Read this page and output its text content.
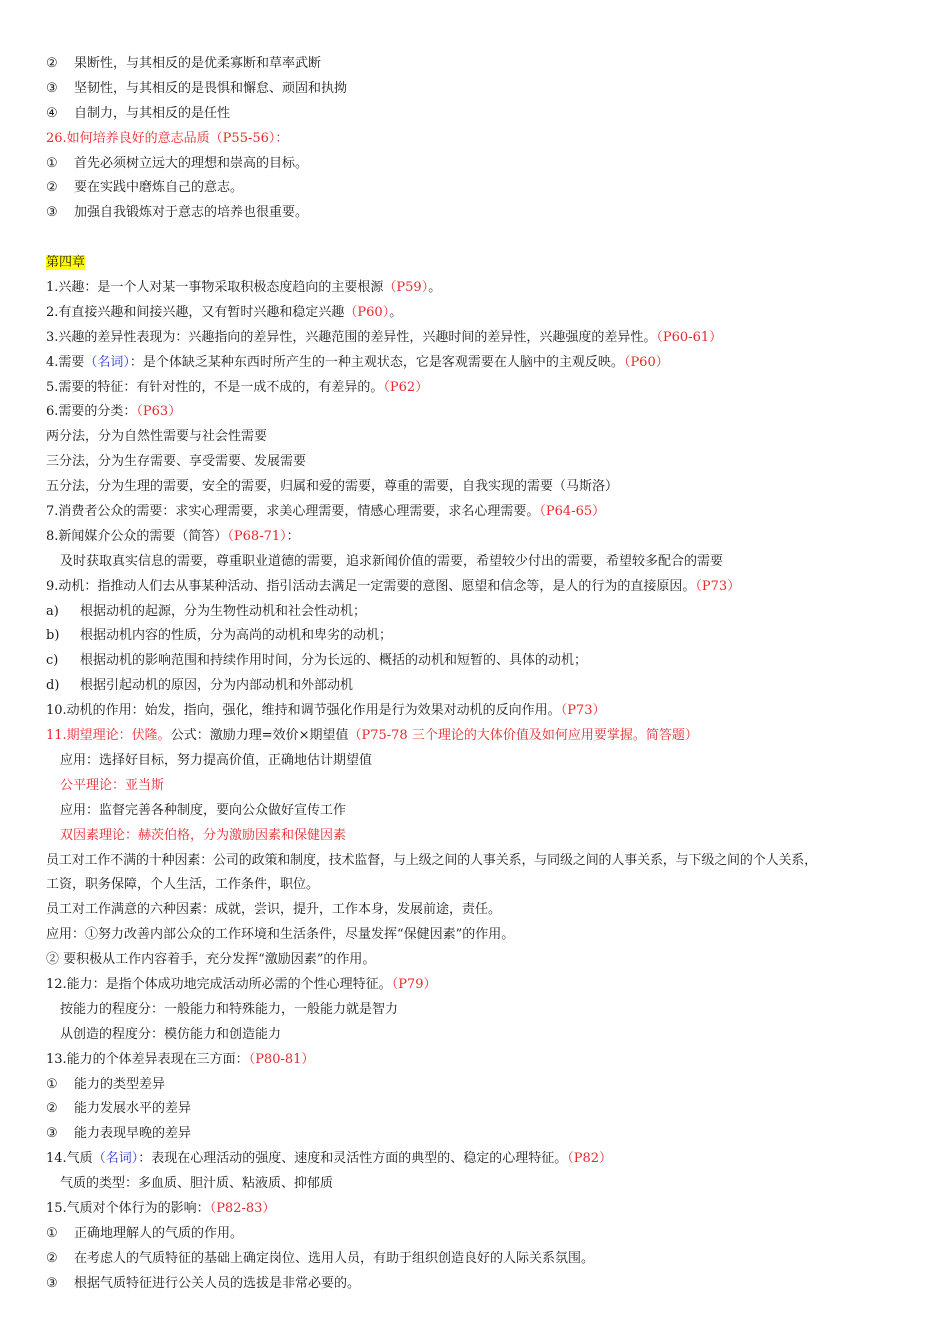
② 果断性，与其相反的是优柔寡断和草率武断
③ 坚韧性，与其相反的是畏惧和懈怠、顽固和执拗
④ 自制力，与其相反的是任性
26.如何培养良好的意志品质（P55-56）：
① 首先必须树立远大的理想和崇高的目标。
② 要在实践中磨炼自己的意志。
③ 加强自我锻炼对于意志的培养也很重要。
第四章
1.兴趣：是一个人对某一事物采取积极态度趋向的主要根源（P59）。
2.有直接兴趣和间接兴趣，又有暂时兴趣和稳定兴趣（P60）。
3.兴趣的差异性表现为：兴趣指向的差异性，兴趣范围的差异性，兴趣时间的差异性，兴趣强度的差异性。（P60-61）
4.需要（名词）：是个体缺乏某种东西时所产生的一种主观状态，它是客观需要在人脑中的主观反映。（P60）
5.需要的特征：有针对性的，不是一成不成的，有差异的。（P62）
6.需要的分类：（P63）
两分法，分为自然性需要与社会性需要
三分法，分为生存需要、享受需要、发展需要
五分法，分为生理的需要，安全的需要，归属和爱的需要，尊重的需要，自我实现的需要（马斯洛）
7.消费者公众的需要：求实心理需要，求美心理需要，情感心理需要，求名心理需要。（P64-65）
8.新闻媒介公众的需要（简答）（P68-71）：
及时获取真实信息的需要，尊重职业道德的需要，追求新闻价值的需要，希望较少付出的需要，希望较多配合的需要
9.动机：指推动人们去从事某种活动、指引活动去满足一定需要的意图、愿望和信念等，是人的行为的直接原因。（P73）
a) 根据动机的起源，分为生物性动机和社会性动机；
b) 根据动机内容的性质，分为高尚的动机和卑劣的动机；
c) 根据动机的影响范围和持续作用时间，分为长远的、概括的动机和短暂的、具体的动机；
d) 根据引起动机的原因，分为内部动机和外部动机
10.动机的作用：始发，指向，强化，维持和调节强化作用是行为效果对动机的反向作用。（P73）
11.期望理论：伏隆。公式：激励力理=效价×期望值（P75-78 三个理论的大体价值及如何应用要掌握。简答题）
应用：选择好目标，努力提高价值，正确地估计期望值
公平理论：亚当斯
应用：监督完善各种制度，要向公众做好宣传工作
双因素理论：赫茨伯格，分为激励因素和保健因素
员工对工作不满的十种因素：公司的政策和制度，技术监督，与上级之间的人事关系，与同级之间的人事关系，与下级之间的个人关系，
工资，职务保障，个人生活，工作条件，职位。
员工对工作满意的六种因素：成就，尝识，提升，工作本身，发展前途，责任。
应用：①努力改善内部公众的工作环境和生活条件，尽量发挥“保健因素”的作用。
② 要积极从工作内容着手，充分发挥“激励因素”的作用。
12.能力：是指个体成功地完成活动所必需的个性心理特征。（P79）
按能力的程度分：一般能力和特殊能力，一般能力就是智力
从创造的程度分：模仿能力和创造能力
13.能力的个体差异表现在三方面：（P80-81）
① 能力的类型差异
② 能力发展水平的差异
③ 能力表现早晚的差异
14.气质（名词）：表现在心理活动的强度、速度和灵活性方面的典型的、稳定的心理特征。（P82）
气质的类型：多血质、胆汁质、粘液质、抑郁质
15.气质对个体行为的影响：（P82-83）
① 正确地理解人的气质的作用。
② 在考虑人的气质特征的基础上确定岗位、选用人员，有助于组织创造良好的人际关系氛围。
③ 根据气质特征进行公关人员的选拔是非常必要的。
